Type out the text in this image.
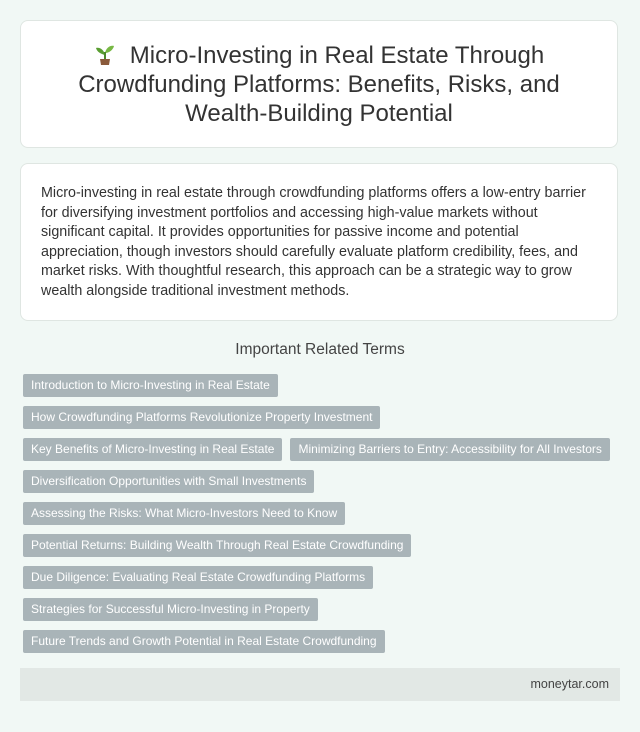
Micro-Investing in Real Estate Through Crowdfunding Platforms: Benefits, Risks, and Wealth-Building Potential

Micro-investing in real estate through crowdfunding platforms offers a low-entry barrier for diversifying investment portfolios and accessing high-value markets without significant capital. It provides opportunities for passive income and potential appreciation, though investors should carefully evaluate platform credibility, fees, and market risks. With thoughtful research, this approach can be a strategic way to grow wealth alongside traditional investment methods.

Important Related Terms
Introduction to Micro-Investing in Real Estate
How Crowdfunding Platforms Revolutionize Property Investment
Key Benefits of Micro-Investing in Real Estate	Minimizing Barriers to Entry: Accessibility for All Investors
Diversification Opportunities with Small Investments
Assessing the Risks: What Micro-Investors Need to Know
Potential Returns: Building Wealth Through Real Estate Crowdfunding
Due Diligence: Evaluating Real Estate Crowdfunding Platforms
Strategies for Successful Micro-Investing in Property
Future Trends and Growth Potential in Real Estate Crowdfunding
moneytar.com
